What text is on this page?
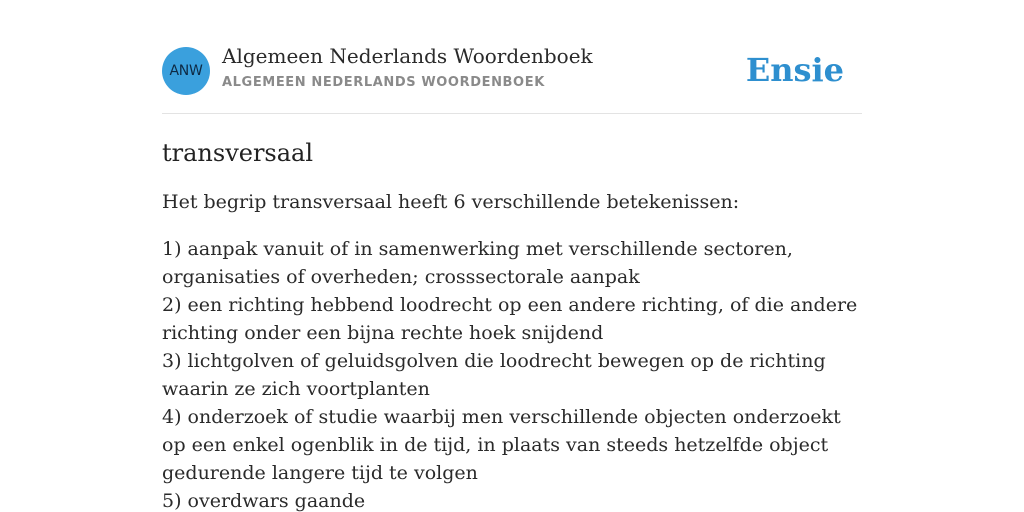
ANW
Algemeen Nederlands Woordenboek
ALGEMEEN NEDERLANDS WOORDENBOEK	Ensie
transversaal
Het begrip transversaal heeft 6 verschillende betekenissen:
1) aanpak vanuit of in samenwerking met verschillende sectoren, organisaties of overheden; crosssectorale aanpak
2) een richting hebbend loodrecht op een andere richting, of die andere richting onder een bijna rechte hoek snijdend
3) lichtgolven of geluidsgolven die loodrecht bewegen op de richting waarin ze zich voortplanten
4) onderzoek of studie waarbij men verschillende objecten onderzoekt op een enkel ogenblik in de tijd, in plaats van steeds hetzelfde object gedurende langere tijd te volgen
5) overdwars gaande
